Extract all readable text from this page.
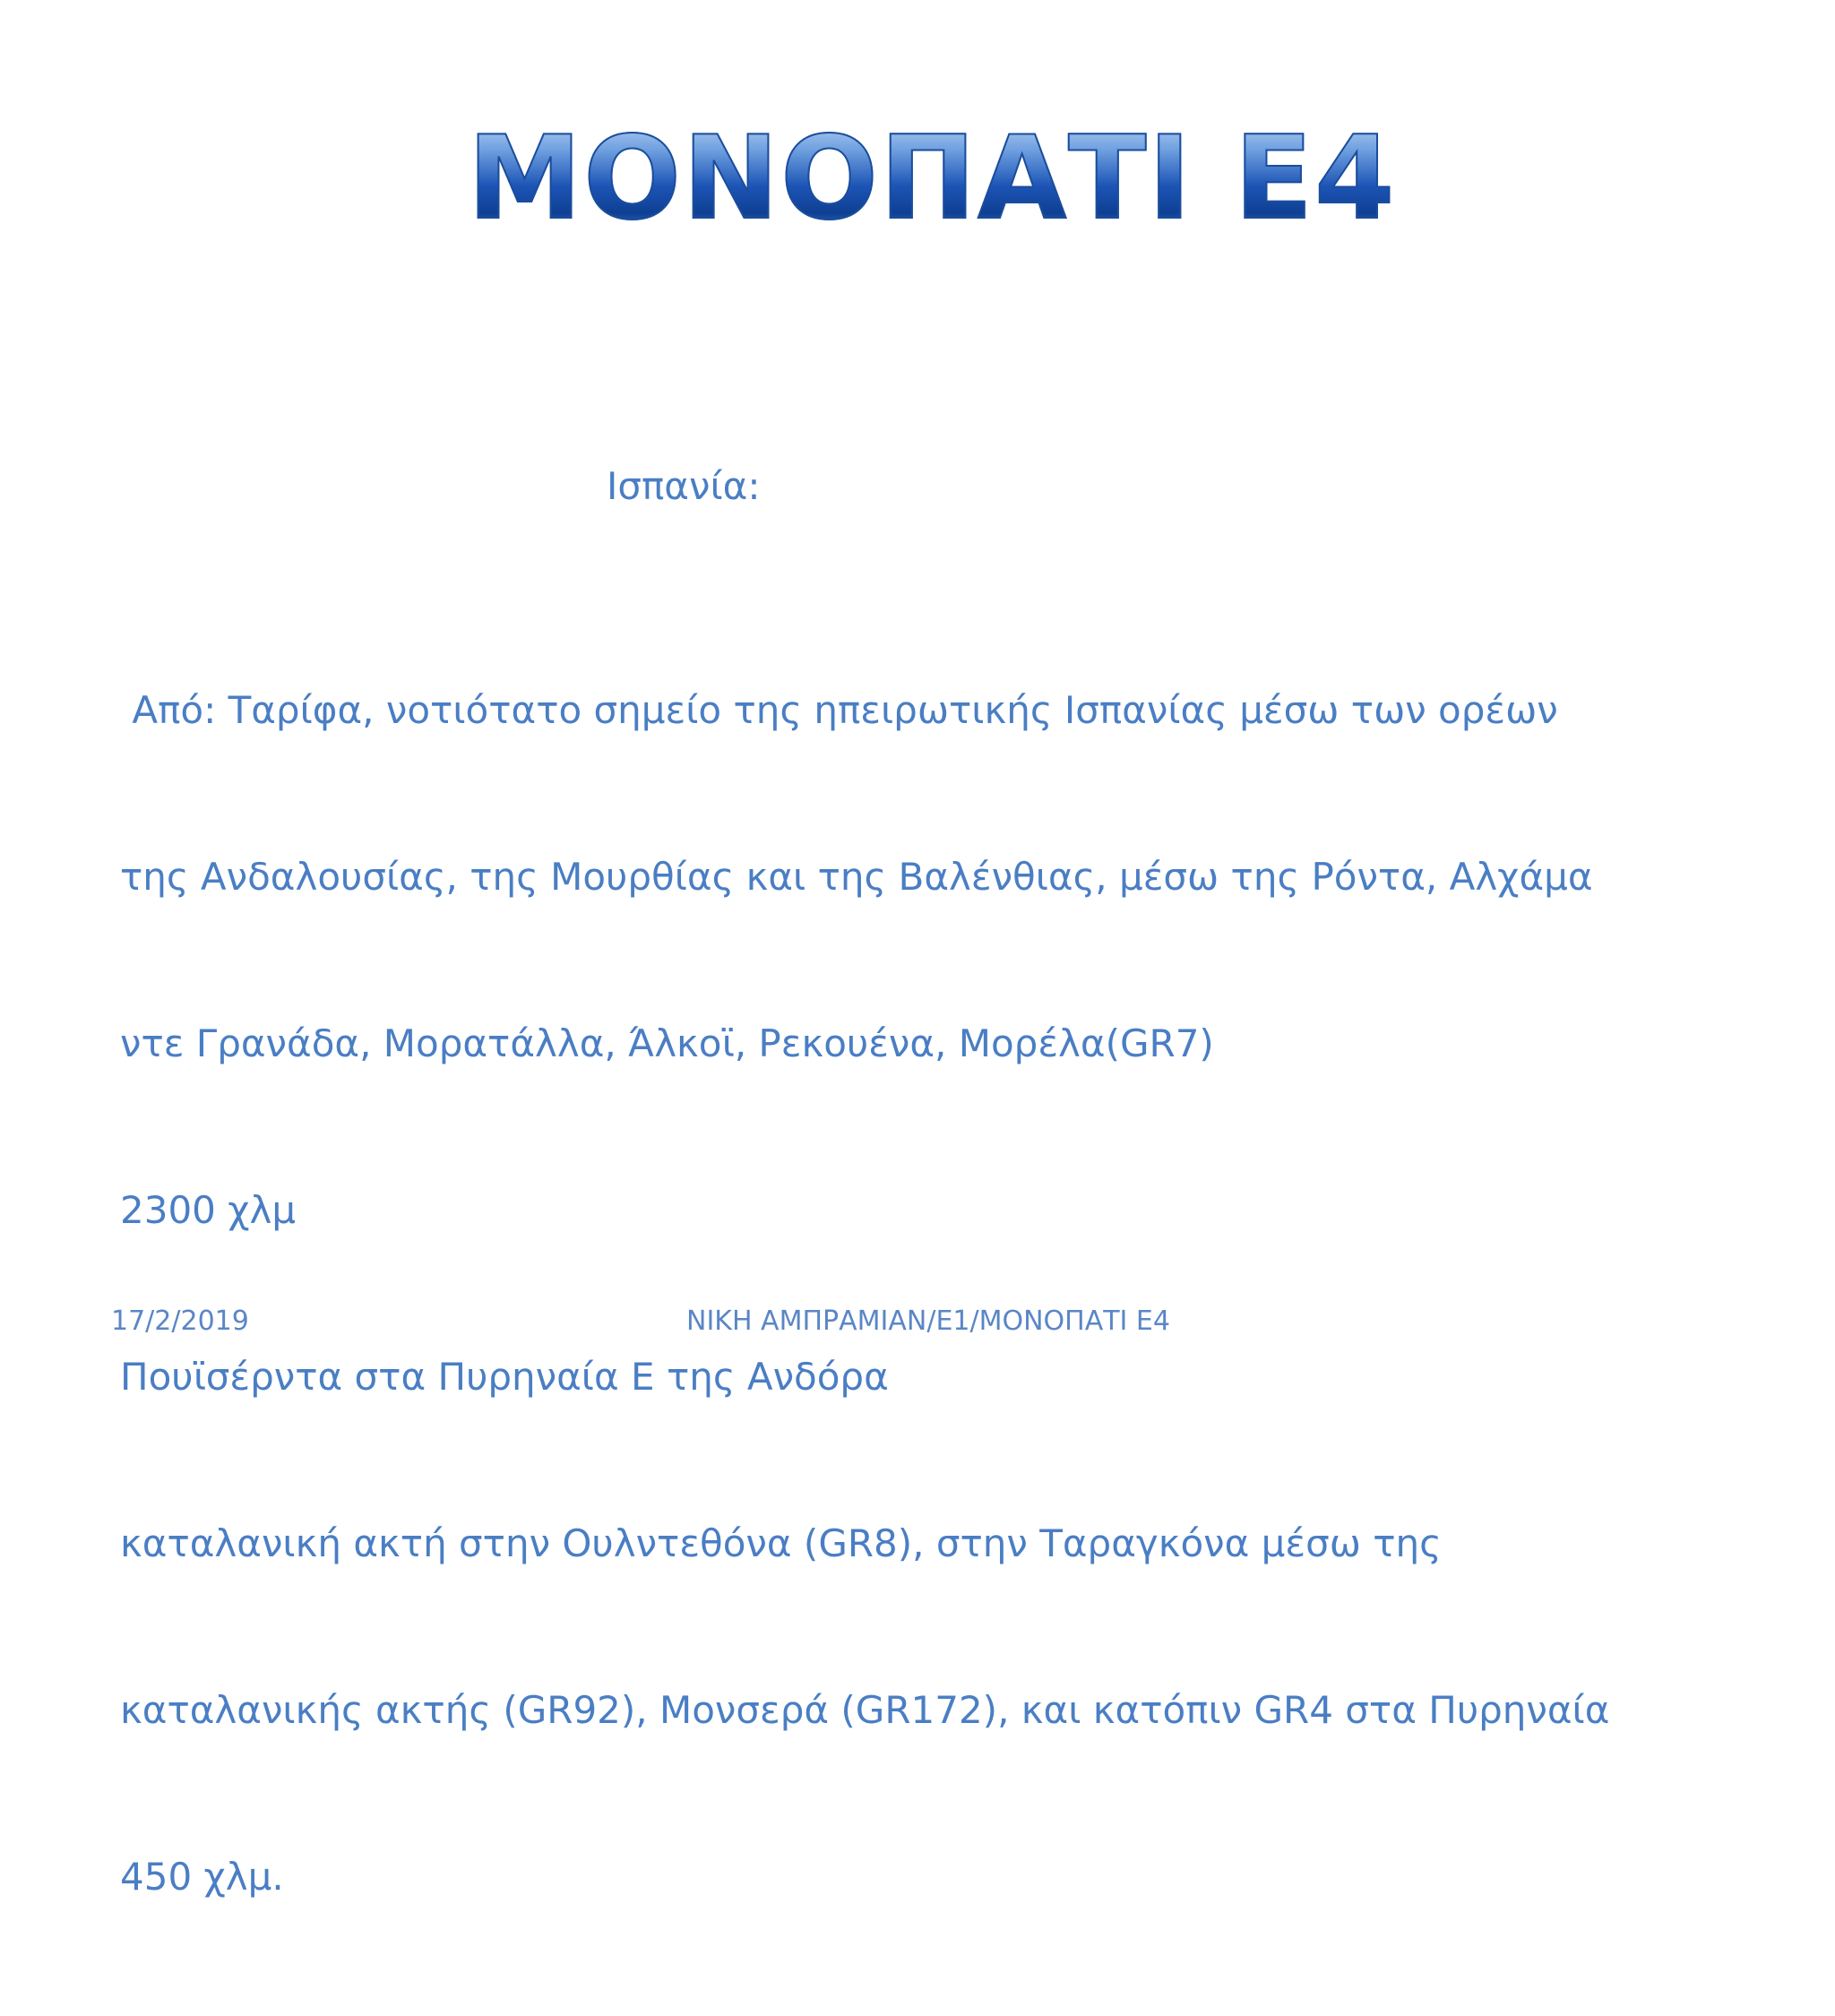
ΜΟΝΟΠΑΤΙ Ε4
Ισπανία:

Από: Ταρίφα, νοτιότατο σημείο της ηπειρωτικής Ισπανίας μέσω των ορέων

της Ανδαλουσίας, της Μουρθίας και της Βαλένθιας, μέσω της Ρόντα, Αλχάμα

ντε Γρανάδα, Μορατάλλα, Άλκοϊ, Ρεκουένα, Μορέλα(GR7)

2300 χλμ

Πουϊσέρντα στα Πυρηναία Ε της Ανδόρα

καταλανική ακτή στην Ουλντεθόνα (GR8), στην Ταραγκόνα μέσω της

καταλανικής ακτής (GR92), Μονσερά (GR172), και κατόπιν GR4 στα Πυρηναία

450 χλμ.

17/2/2019	ΝΙΚΗ ΑΜΠΡΑΜΙΑΝ/Ε1/ΜΟΝΟΠΑΤΙ Ε4
